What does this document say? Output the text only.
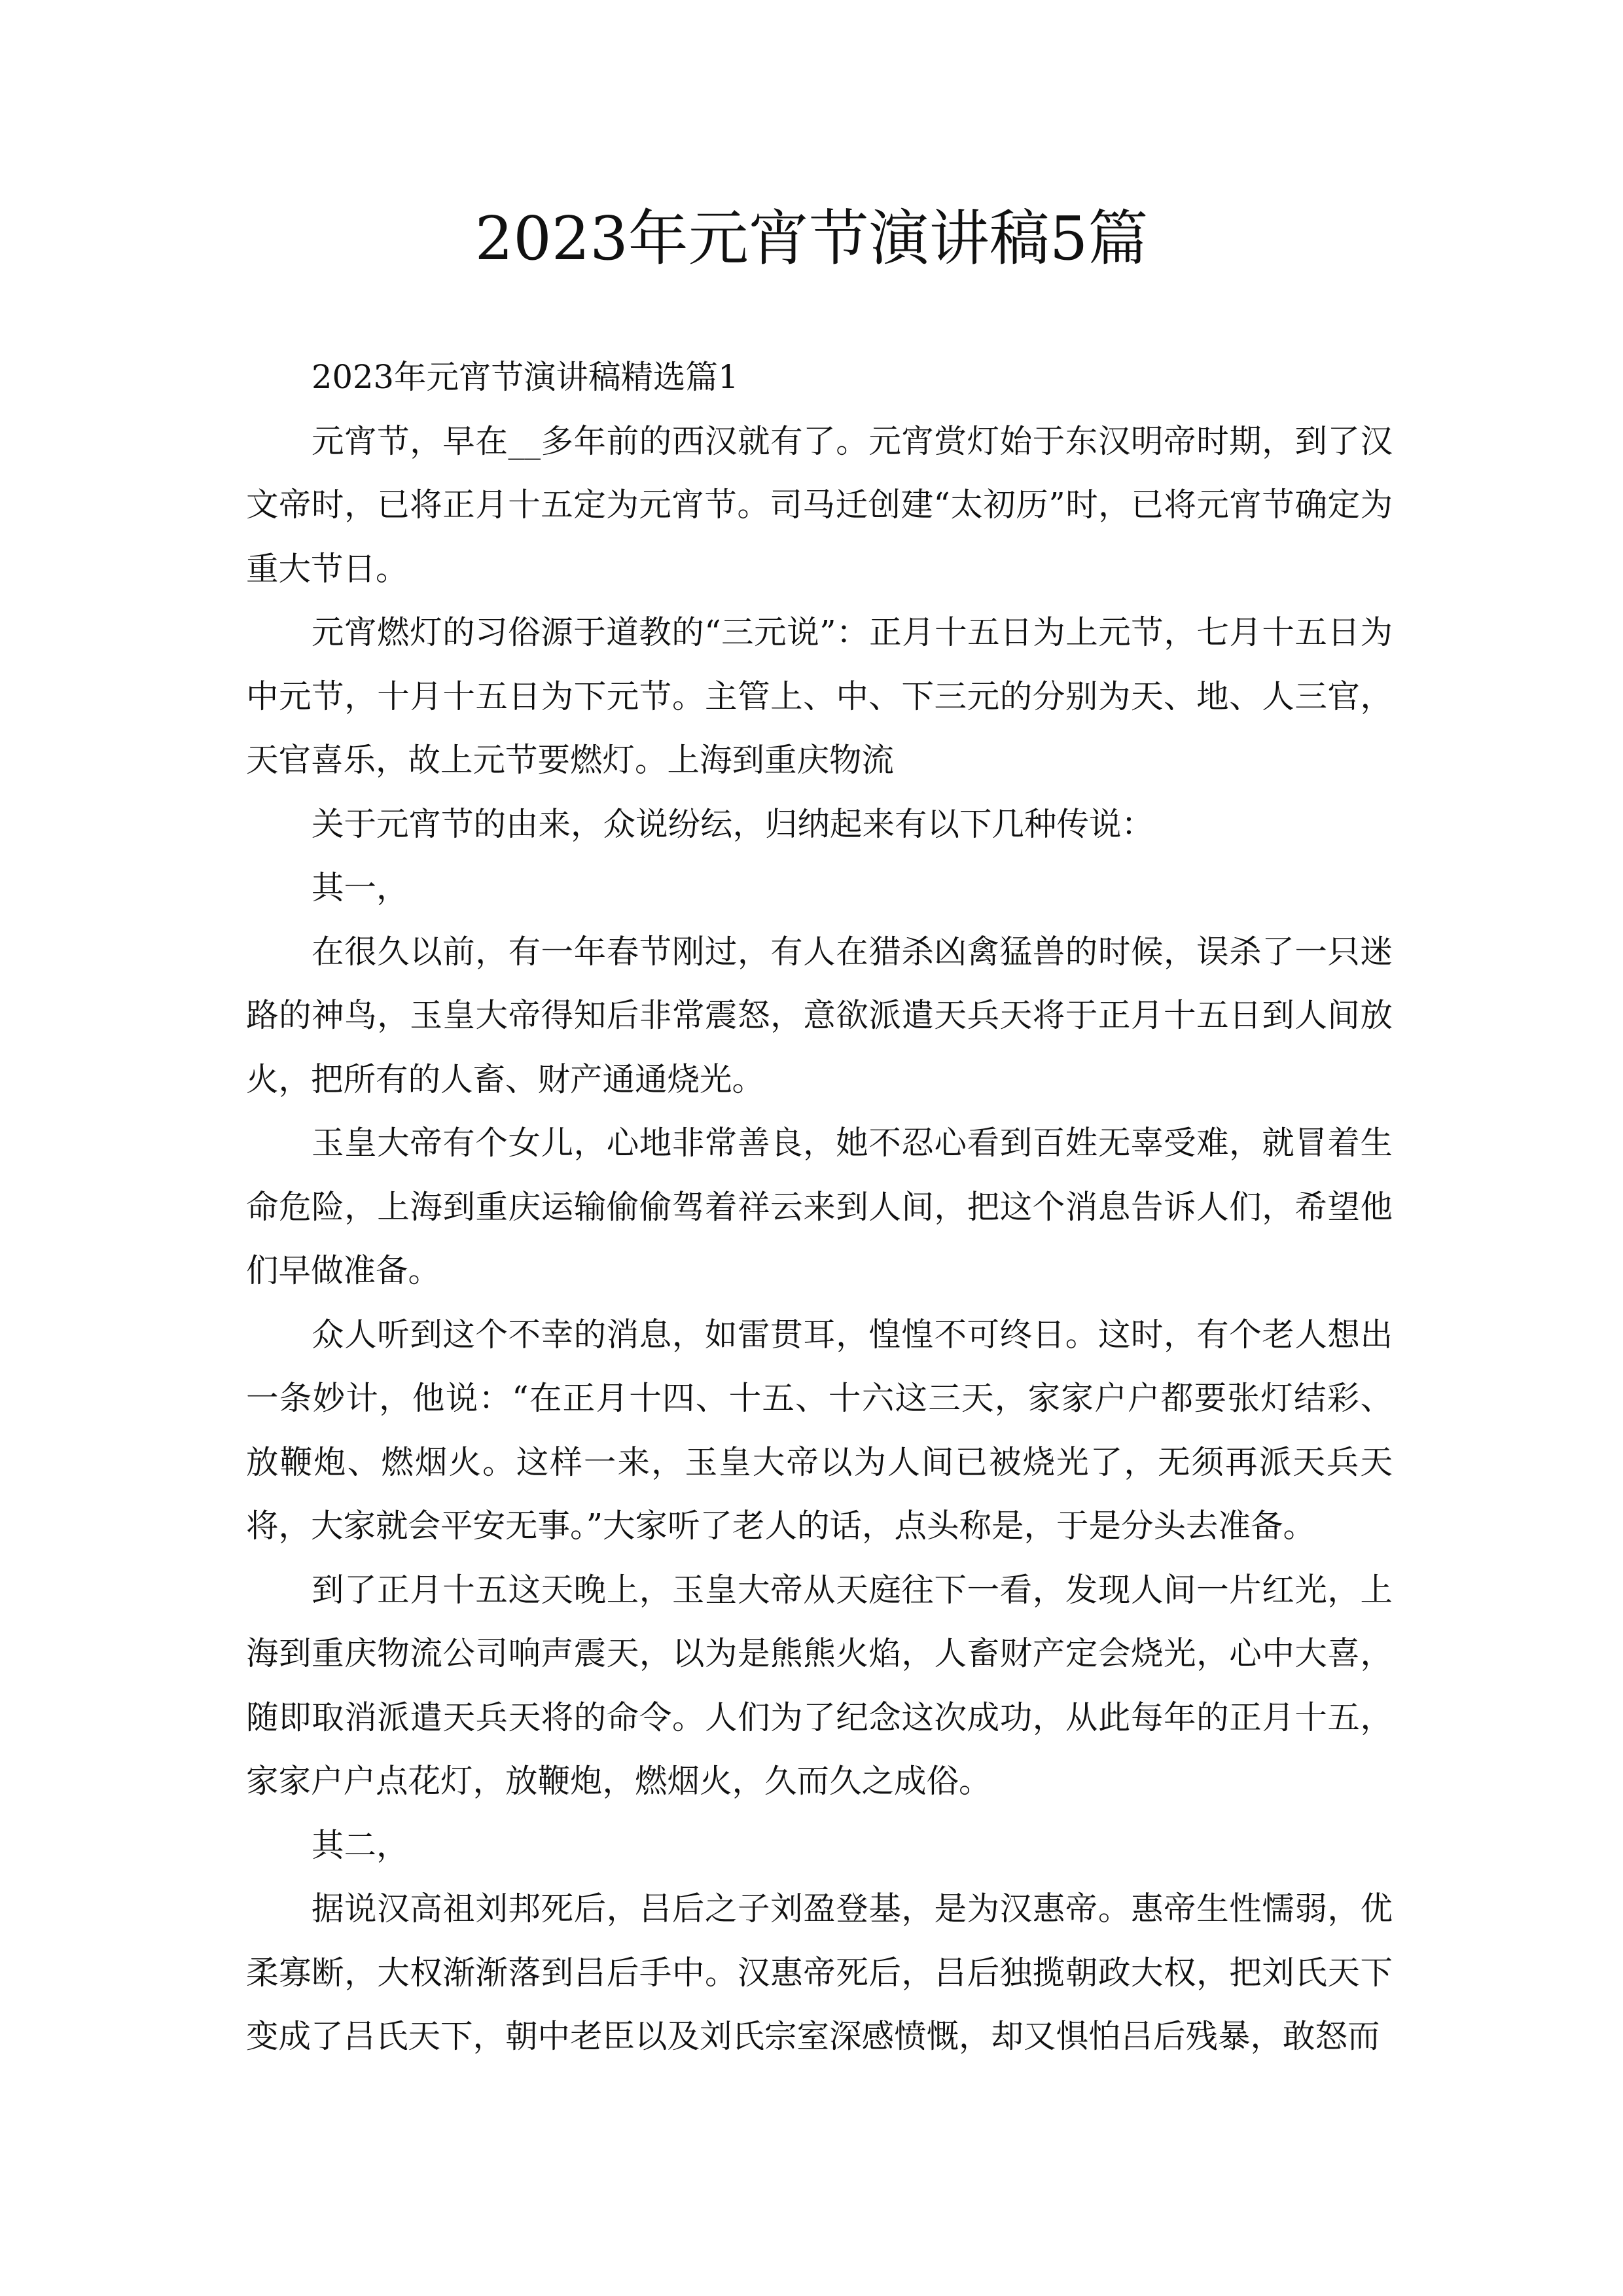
2023年元宵节演讲稿5篇

2023年元宵节演讲稿精选篇1

元宵节，早在__多年前的西汉就有了。元宵赏灯始于东汉明帝时期，到了汉文帝时，已将正月十五定为元宵节。司马迁创建“太初历”时，已将元宵节确定为重大节日。

元宵燃灯的习俗源于道教的“三元说”：正月十五日为上元节，七月十五日为中元节，十月十五日为下元节。主管上、中、下三元的分别为天、地、人三官，天官喜乐，故上元节要燃灯。上海到重庆物流

关于元宵节的由来，众说纷纭，归纳起来有以下几种传说：

其一，

在很久以前，有一年春节刚过，有人在猎杀凶禽猛兽的时候，误杀了一只迷路的神鸟，玉皇大帝得知后非常震怒，意欲派遣天兵天将于正月十五日到人间放火，把所有的人畜、财产通通烧光。

玉皇大帝有个女儿，心地非常善良，她不忍心看到百姓无辜受难，就冒着生命危险，上海到重庆运输偷偷驾着祥云来到人间，把这个消息告诉人们，希望他们早做准备。

众人听到这个不幸的消息，如雷贯耳，惶惶不可终日。这时，有个老人想出一条妙计，他说：“在正月十四、十五、十六这三天，家家户户都要张灯结彩、放鞭炮、燃烟火。这样一来，玉皇大帝以为人间已被烧光了，无须再派天兵天将，大家就会平安无事。”大家听了老人的话，点头称是，于是分头去准备。

到了正月十五这天晚上，玉皇大帝从天庭往下一看，发现人间一片红光，上海到重庆物流公司响声震天，以为是熊熊火焰，人畜财产定会烧光，心中大喜，随即取消派遣天兵天将的命令。人们为了纪念这次成功，从此每年的正月十五，家家户户点花灯，放鞭炮，燃烟火，久而久之成俗。

其二，

据说汉高祖刘邦死后，吕后之子刘盈登基，是为汉惠帝。惠帝生性懦弱，优柔寡断，大权渐渐落到吕后手中。汉惠帝死后，吕后独揽朝政大权，把刘氏天下变成了吕氏天下，朝中老臣以及刘氏宗室深感愤慨，却又惧怕吕后残暴，敢怒而
